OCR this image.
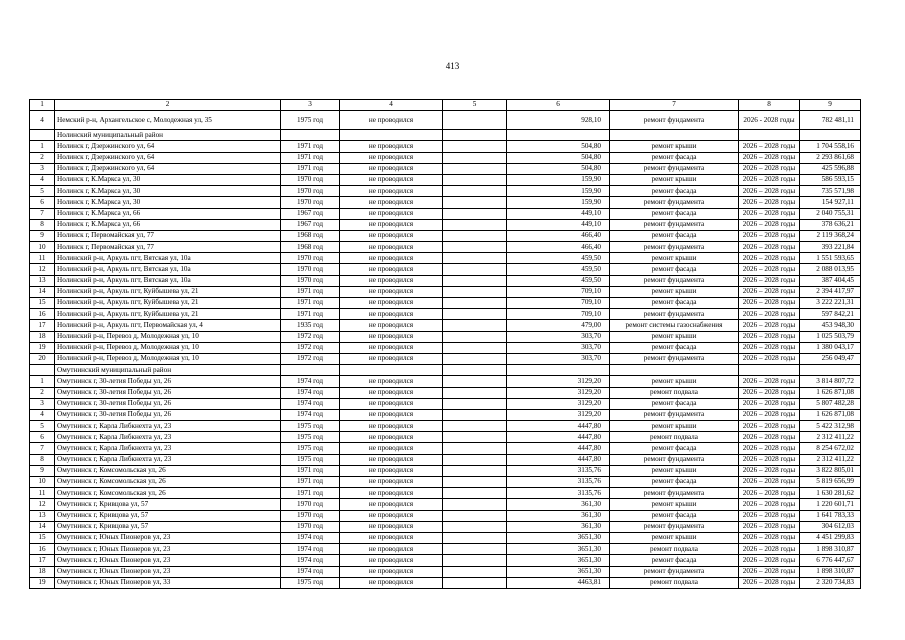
413
1	2	3	4	5	6	7	8	9
4	Немский р-н, Архангельское с, Молодежная ул, 35	1975 год	не проводился		928,10	ремонт фундамента	2026 - 2028 годы	782 481,11
	Нолинский муниципальный район							
1	Нолинск г, Дзержинского ул, 64	1971 год	не проводился		504,80	ремонт крыши	2026 – 2028 годы	1 704 558,16
2	Нолинск г, Дзержинского ул, 64	1971 год	не проводился		504,80	ремонт фасада	2026 – 2028 годы	2 293 861,68
3	Нолинск г, Дзержинского ул, 64	1971 год	не проводился		504,80	ремонт фундамента	2026 – 2028 годы	425 596,88
4	Нолинск г, К.Маркса ул, 30	1970 год	не проводился		159,90	ремонт крыши	2026 – 2028 годы	586 593,15
5	Нолинск г, К.Маркса ул, 30	1970 год	не проводился		159,90	ремонт фасада	2026 – 2028 годы	735 571,98
6	Нолинск г, К.Маркса ул, 30	1970 год	не проводился		159,90	ремонт фундамента	2026 – 2028 годы	154 927,11
7	Нолинск г, К.Маркса ул, 66	1967 год	не проводился		449,10	ремонт фасада	2026 – 2028 годы	2 040 755,31
8	Нолинск г, К.Маркса ул, 66	1967 год	не проводился		449,10	ремонт фундамента	2026 – 2028 годы	378 636,21
9	Нолинск г, Первомайская ул, 77	1968 год	не проводился		466,40	ремонт фасада	2026 – 2028 годы	2 119 368,24
10	Нолинск г, Первомайская ул, 77	1968 год	не проводился		466,40	ремонт фундамента	2026 – 2028 годы	393 221,84
11	Нолинский р-н, Аркуль пгт, Вятская ул, 10а	1970 год	не проводился		459,50	ремонт крыши	2026 – 2028 годы	1 551 593,65
12	Нолинский р-н, Аркуль пгт, Вятская ул, 10а	1970 год	не проводился		459,50	ремонт фасада	2026 – 2028 годы	2 088 013,95
13	Нолинский р-н, Аркуль пгт, Вятская ул, 10а	1970 год	не проводился		459,50	ремонт фундамента	2026 – 2028 годы	387 404,45
14	Нолинский р-н, Аркуль пгт, Куйбышева ул, 21	1971 год	не проводился		709,10	ремонт крыши	2026 – 2028 годы	2 394 417,97
15	Нолинский р-н, Аркуль пгт, Куйбышева ул, 21	1971 год	не проводился		709,10	ремонт фасада	2026 – 2028 годы	3 222 221,31
16	Нолинский р-н, Аркуль пгт, Куйбышева ул, 21	1971 год	не проводился		709,10	ремонт фундамента	2026 – 2028 годы	597 842,21
17	Нолинский р-н, Аркуль пгт, Первомайская ул, 4	1935 год	не проводился		479,00	ремонт системы газоснабжения	2026 – 2028 годы	453 948,30
18	Нолинский р-н, Перевоз д, Молодежная ул, 10	1972 год	не проводился		303,70	ремонт крыши	2026 – 2028 годы	1 025 503,79
19	Нолинский р-н, Перевоз д, Молодежная ул, 10	1972 год	не проводился		303,70	ремонт фасада	2026 – 2028 годы	1 380 043,17
20	Нолинский р-н, Перевоз д, Молодежная ул, 10	1972 год	не проводился		303,70	ремонт фундамента	2026 – 2028 годы	256 049,47
	Омутнинский муниципальный район							
1	Омутнинск г, 30-летия Победы ул, 26	1974 год	не проводился		3129,20	ремонт крыши	2026 – 2028 годы	3 814 807,72
2	Омутнинск г, 30-летия Победы ул, 26	1974 год	не проводился		3129,20	ремонт подвала	2026 – 2028 годы	1 626 871,08
3	Омутнинск г, 30-летия Победы ул, 26	1974 год	не проводился		3129,20	ремонт фасада	2026 – 2028 годы	5 807 482,28
4	Омутнинск г, 30-летия Победы ул, 26	1974 год	не проводился		3129,20	ремонт фундамента	2026 – 2028 годы	1 626 871,08
5	Омутнинск г, Карла Либкнехта ул, 23	1975 год	не проводился		4447,80	ремонт крыши	2026 – 2028 годы	5 422 312,98
6	Омутнинск г, Карла Либкнехта ул, 23	1975 год	не проводился		4447,80	ремонт подвала	2026 – 2028 годы	2 312 411,22
7	Омутнинск г, Карла Либкнехта ул, 23	1975 год	не проводился		4447,80	ремонт фасада	2026 – 2028 годы	8 254 672,02
8	Омутнинск г, Карла Либкнехта ул, 23	1975 год	не проводился		4447,80	ремонт фундамента	2026 – 2028 годы	2 312 411,22
9	Омутнинск г, Комсомольская ул, 26	1971 год	не проводился		3135,76	ремонт крыши	2026 – 2028 годы	3 822 805,01
10	Омутнинск г, Комсомольская ул, 26	1971 год	не проводился		3135,76	ремонт фасада	2026 – 2028 годы	5 819 656,99
11	Омутнинск г, Комсомольская ул, 26	1971 год	не проводился		3135,76	ремонт фундамента	2026 – 2028 годы	1 630 281,62
12	Омутнинск г, Кривцова ул, 57	1970 год	не проводился		361,30	ремонт крыши	2026 – 2028 годы	1 220 601,71
13	Омутнинск г, Кривцова ул, 57	1970 год	не проводился		361,30	ремонт фасада	2026 – 2028 годы	1 641 783,33
14	Омутнинск г, Кривцова ул, 57	1970 год	не проводился		361,30	ремонт фундамента	2026 – 2028 годы	304 612,03
15	Омутнинск г, Юных Пионеров ул, 23	1974 год	не проводился		3651,30	ремонт крыши	2026 – 2028 годы	4 451 299,83
16	Омутнинск г, Юных Пионеров ул, 23	1974 год	не проводился		3651,30	ремонт подвала	2026 – 2028 годы	1 898 310,87
17	Омутнинск г, Юных Пионеров ул, 23	1974 год	не проводился		3651,30	ремонт фасада	2026 – 2028 годы	6 776 447,67
18	Омутнинск г, Юных Пионеров ул, 23	1974 год	не проводился		3651,30	ремонт фундамента	2026 – 2028 годы	1 898 310,87
19	Омутнинск г, Юных Пионеров ул, 33	1975 год	не проводился		4463,81	ремонт подвала	2026 – 2028 годы	2 320 734,83
